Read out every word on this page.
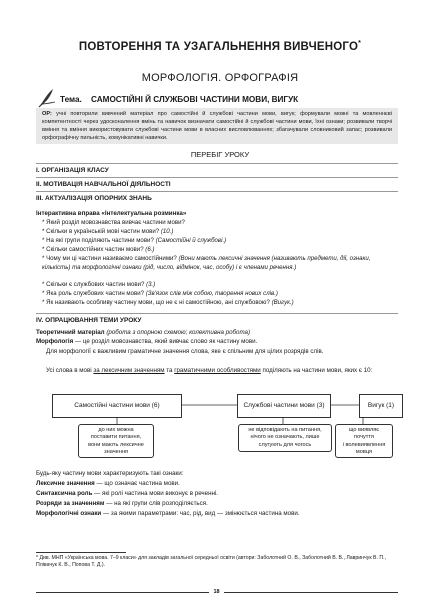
ПОВТОРЕННЯ ТА УЗАГАЛЬНЕННЯ ВИВЧЕНОГО*
МОРФОЛОГІЯ. ОРФОГРАФІЯ
Тема. САМОСТІЙНІ Й СЛУЖБОВІ ЧАСТИНИ МОВИ, ВИГУК
ОР: учні повторили вивчений матеріал про самостійні й службові частини мови, вигук; формували мовні та мовленнєві компетентності через удосконалення вмінь та навичок визначати самостійні й службові частини мови, їхні ознаки; розвивали творчі вміння та вміння використовувати службові частини мови в власних висловлюваннях; збагачували словниковий запас; розвивали орфографічну пильність, комунікативні навички.
ПЕРЕБІГ УРОКУ
І. ОРГАНІЗАЦІЯ КЛАСУ
ІІ. МОТИВАЦІЯ НАВЧАЛЬНОЇ ДІЯЛЬНОСТІ
ІІІ. АКТУАЛІЗАЦІЯ ОПОРНИХ ЗНАНЬ
Інтерактивна вправа «Інтелектуальна розминка»
* Який розділ мовознавства вивчає частини мови?
* Скільки в українській мові частин мови? (10.)
* На які групи поділяють частини мови? (Самостійні й службові.)
* Скільки самостійних частин мови? (6.)
* Чому ми ці частини називаємо самостійними? (Вони мають лексичні значення (називають предмети, дії, ознаки, кількість) та морфологічні ознаки (рід, число, відмінок, час, особу) і є членами речення.)
* Скільки є службових частин мови? (3.)
* Яка роль службових частин мови? (Зв'язок слів між собою, творення нових слів.)
* Як називають особливу частину мови, що не є ні самостійною, ані службовою? (Вигук.)
IV. ОПРАЦЮВАННЯ ТЕМИ УРОКУ
Теоретичний матеріал (робота з опорною схемою; колективна робота)
Морфологія — це розділ мовознавства, який вивчає слово як частину мови.
Для морфології є важливим граматичне значення слова, яке є спільним для цілих розрядів слів.
Усі слова в мові за лексичним значенням та граматичними особливостями поділяють на частини мови, яких є 10:
Самостійні частини мови (6)	Службові частини мови (3)	Вигук (1)
до них можна
поставити питання,
вони мають лексичне
значення
не відповідають на питання,
нічого не означають, лише
слугують для чогось
що виявляє
почуття
і волевиявлення
мовця
Будь-яку частину мови характеризують такі ознаки:
Лексичне значення — що означає частина мови.
Синтаксична роль — які ролі частина мови виконує в реченні.
Розряди за значенням — на які групи слів розподіляється.
Морфологічні ознаки — за якими параметрами: час, рід, вид — змінюється частина мови.
* Див. МНП «Українська мова. 7–9 класи» для закладів загальної середньої освіти (автори: Заболотний О. В., Заболотний В. В., Лавринчук В. П., Плівачук К. В., Попова Т. Д.).
18
